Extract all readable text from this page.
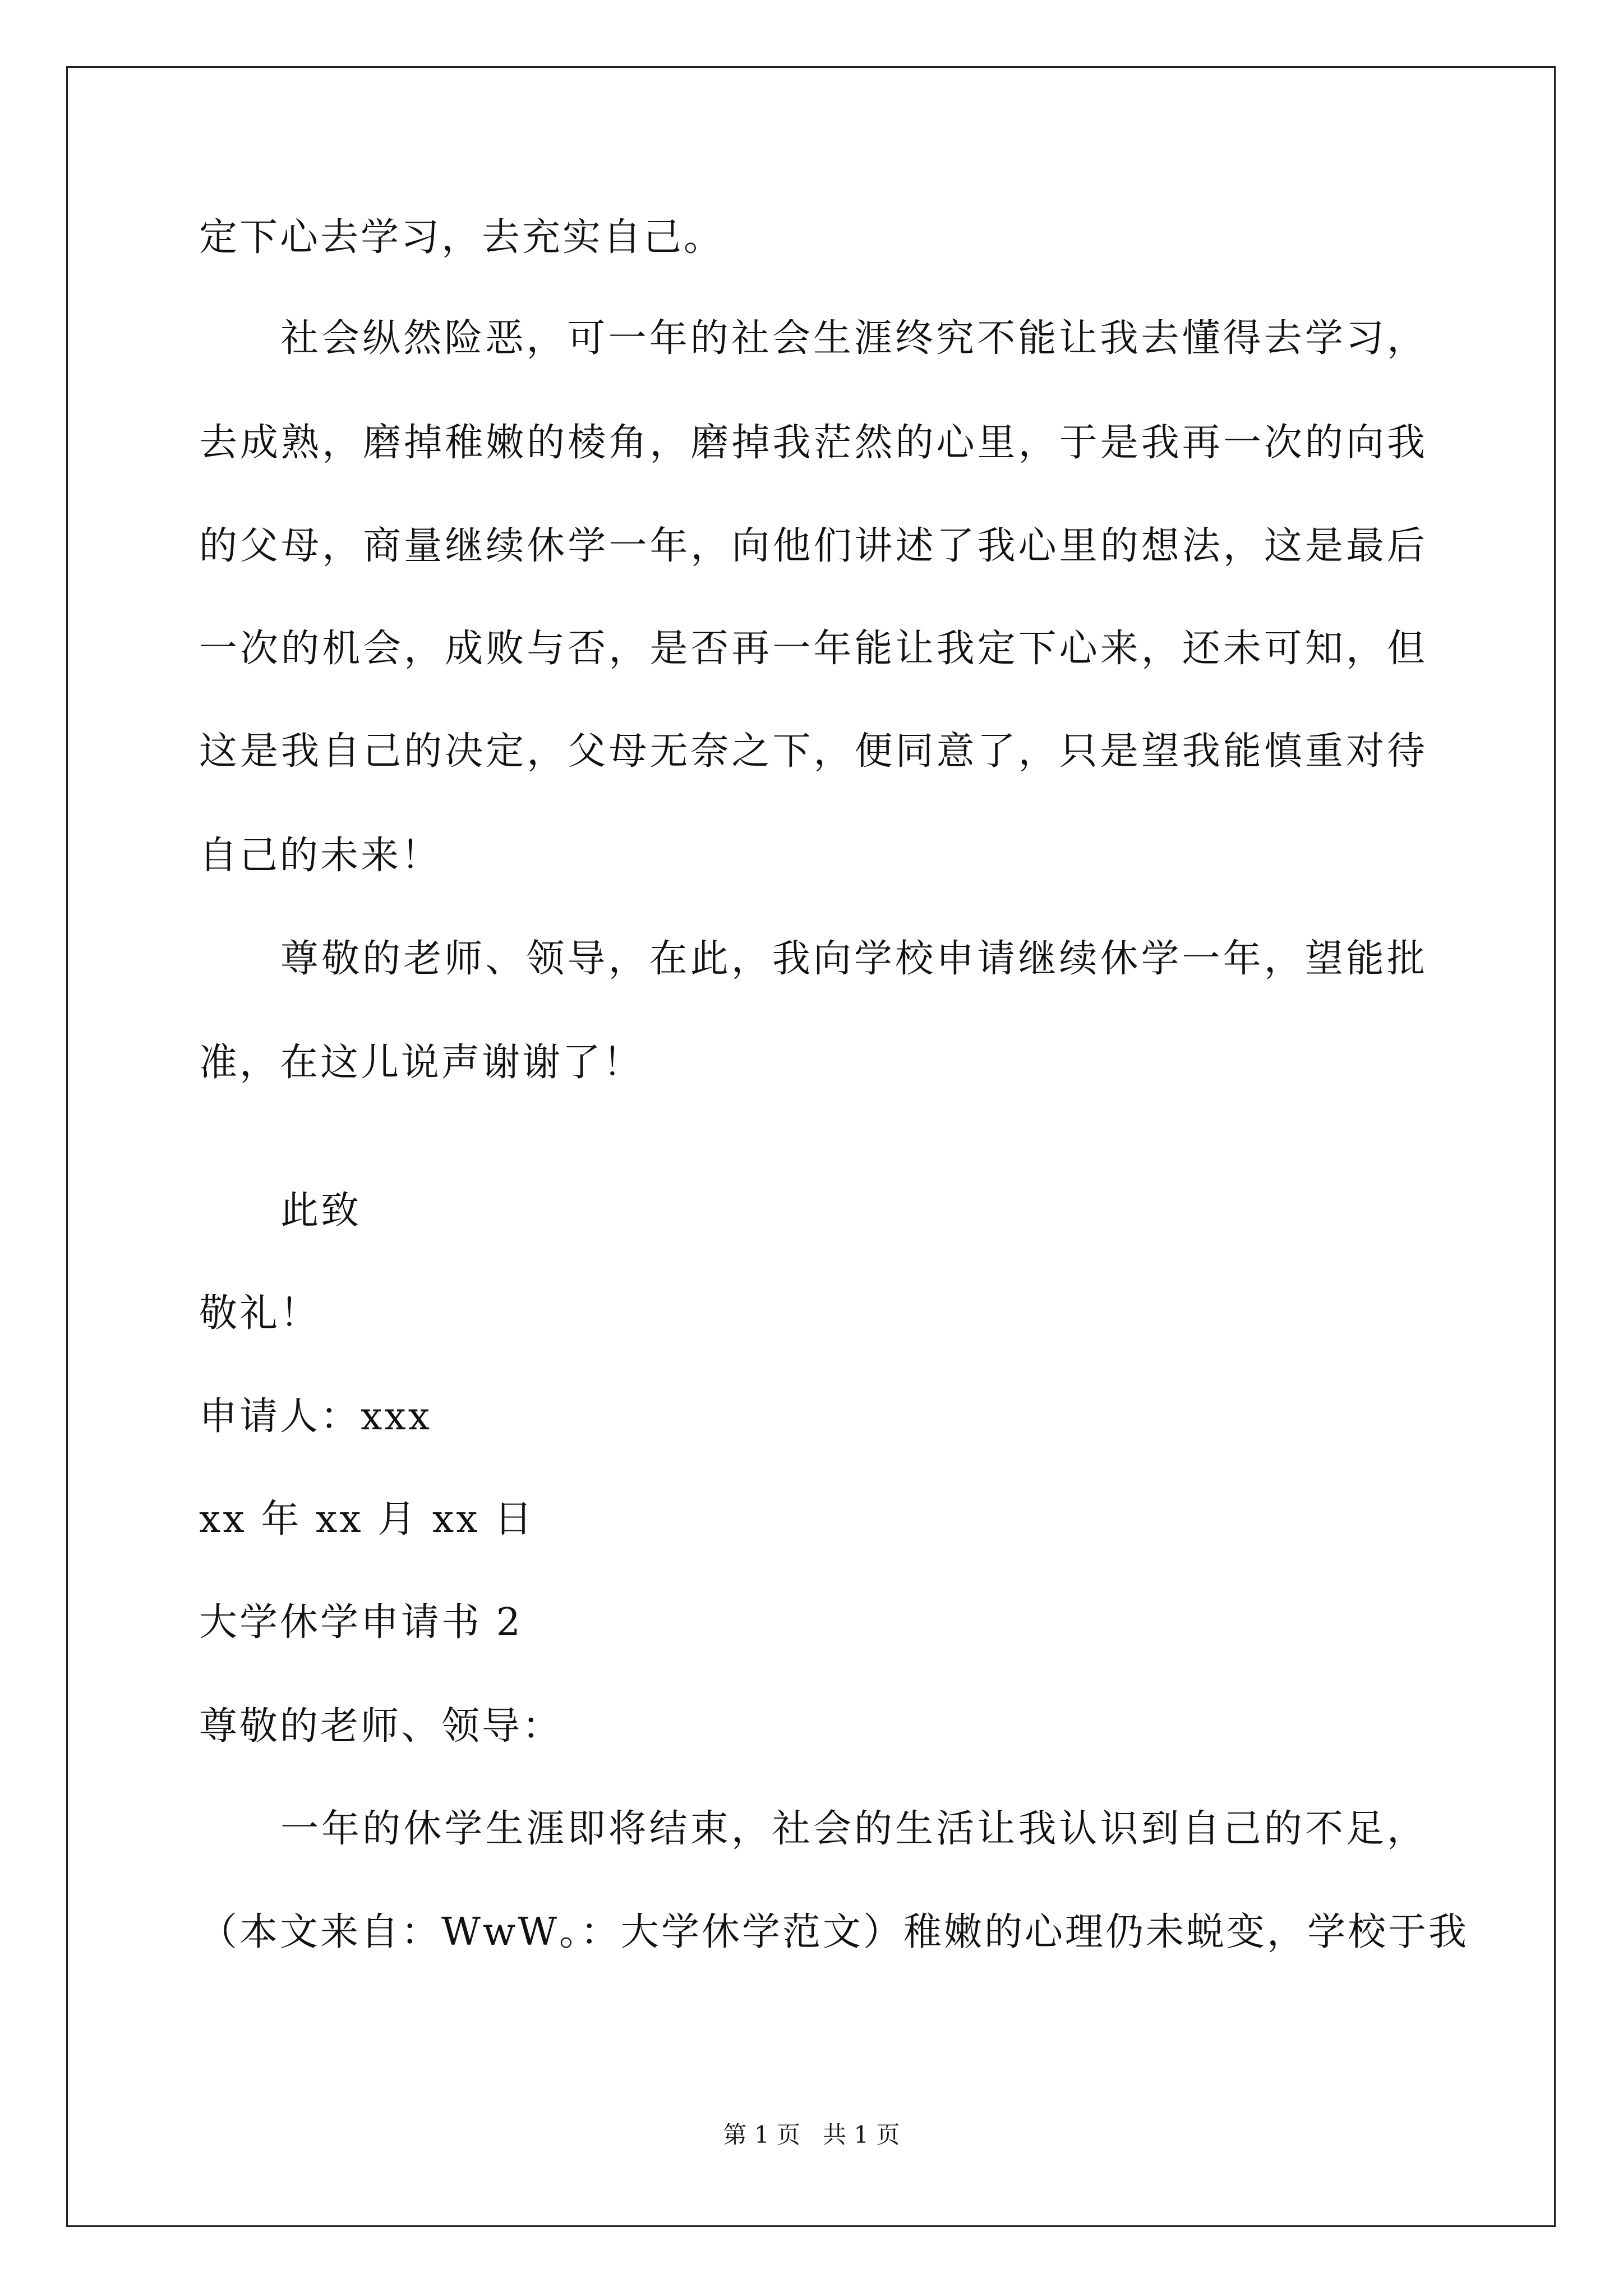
定下心去学习，去充实自己。

社会纵然险恶，可一年的社会生涯终究不能让我去懂得去学习，

去成熟，磨掉稚嫩的棱角，磨掉我茫然的心里，于是我再一次的向我

的父母，商量继续休学一年，向他们讲述了我心里的想法，这是最后

一次的机会，成败与否，是否再一年能让我定下心来，还未可知，但

这是我自己的决定，父母无奈之下，便同意了，只是望我能慎重对待

自己的未来！

尊敬的老师、领导，在此，我向学校申请继续休学一年，望能批

准，在这儿说声谢谢了！

此致

敬礼！

申请人：xxx

xx 年 xx 月 xx 日

大学休学申请书 2

尊敬的老师、领导：

一年的休学生涯即将结束，社会的生活让我认识到自己的不足，

（本文来自：WwW。：大学休学范文）稚嫩的心理仍未蜕变，学校于我

第 1 页   共 1 页
